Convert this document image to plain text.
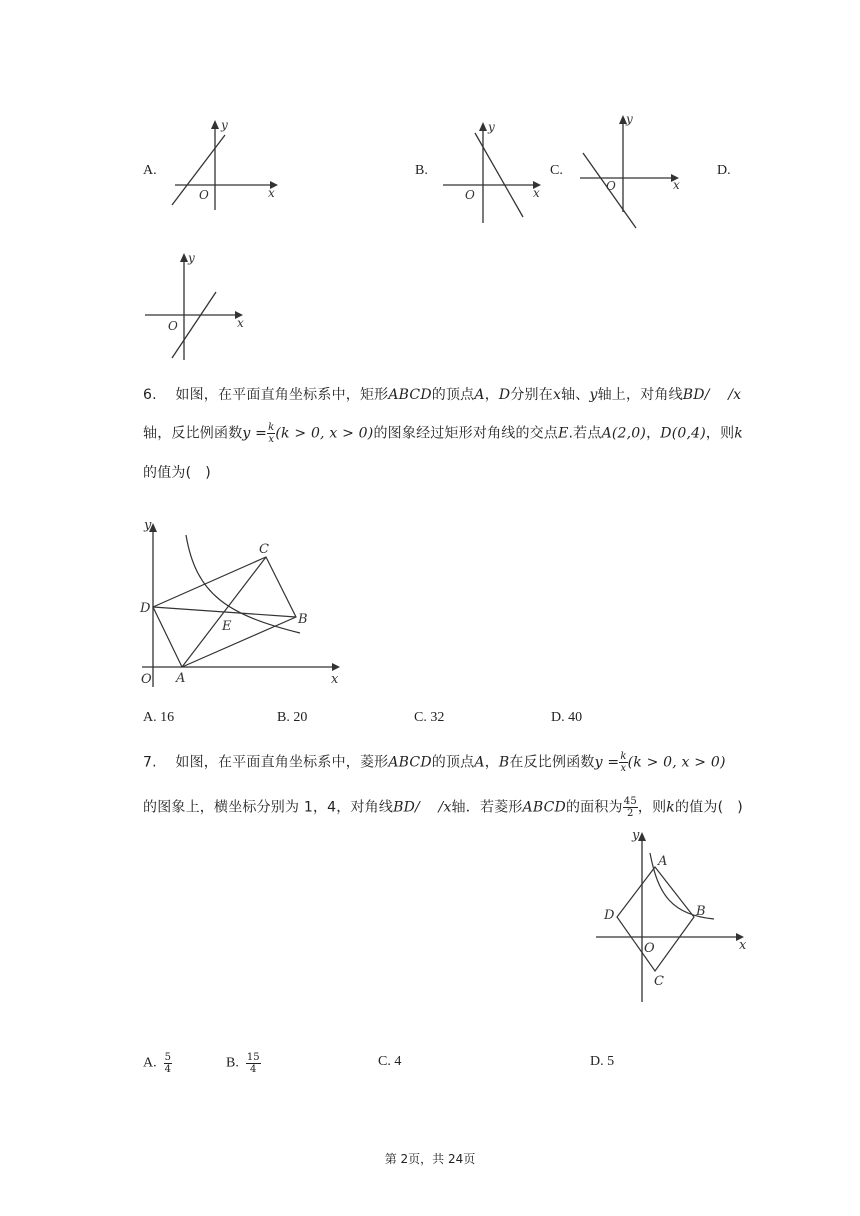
A.
y
x
O
B.
y
x
O
C.
y
x
O
D.
y
x
O
6. 如图，在平面直角坐标系中，矩形ABCD的顶点A，D分别在x轴、y轴上，对角线BD/ /x
轴，反比例函数$y = \frac{k}{x} (k > 0$, x > 0)的图象经过矩形对角线的交点E.若点A(2,0)，D(0,4)，则k
的值为(   )
y
x
O A
B
C
D
E
A. 16	B. 20	C. 32	D. 40
7. 如图，在平面直角坐标系中，菱形ABCD的顶点A，B在反比例函数$y = \frac{k}{x} (k > 0$, x > 0)
的图象上，横坐标分别为 1，4，对角线BD/ /x轴．若菱形ABCD的面积为 $\frac{45}{2}$ ，则k的值为(   )
y
x
O
A
B
C
D
A. $\frac{5}{4}$	B. $\frac{15}{4}$	C. 4	D. 5
第 2页，共 24页
